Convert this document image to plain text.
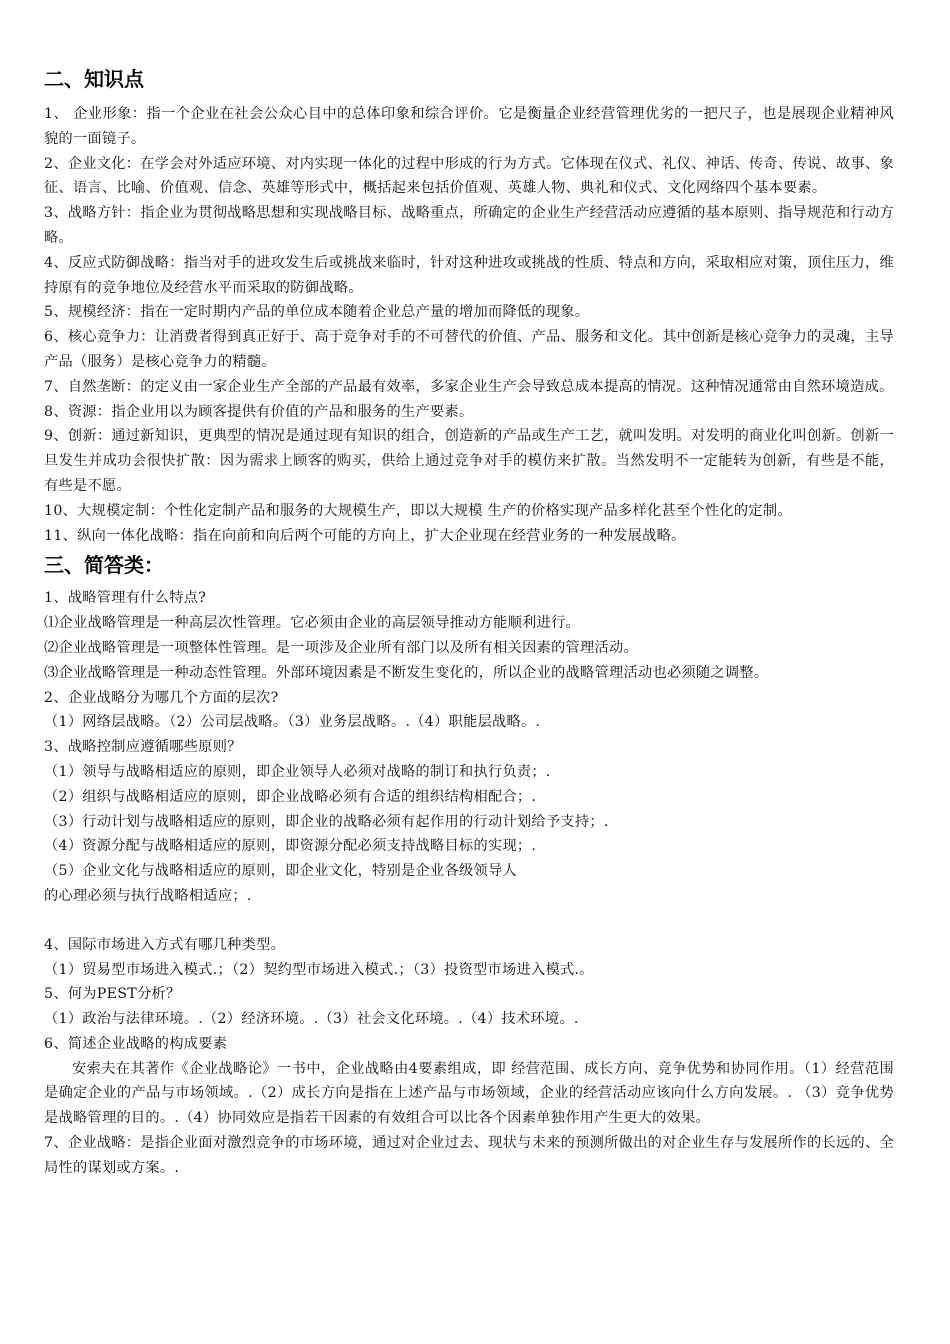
二、知识点

1、 企业形象：指一个企业在社会公众心目中的总体印象和综合评价。它是衡量企业经营管理优劣的一把尺子，也是展现企业精神风貌的一面镜子。

2、企业文化：在学会对外适应环境、对内实现一体化的过程中形成的行为方式。它体现在仪式、礼仪、神话、传奇、传说、故事、象征、语言、比喻、价值观、信念、英雄等形式中，概括起来包括价值观、英雄人物、典礼和仪式、文化网络四个基本要素。

3、战略方针：指企业为贯彻战略思想和实现战略目标、战略重点，所确定的企业生产经营活动应遵循的基本原则、指导规范和行动方略。

4、反应式防御战略：指当对手的进攻发生后或挑战来临时，针对这种进攻或挑战的性质、特点和方向，采取相应对策，顶住压力，维持原有的竞争地位及经营水平而采取的防御战略。

5、规模经济：指在一定时期内产品的单位成本随着企业总产量的增加而降低的现象。

6、核心竞争力：让消费者得到真正好于、高于竞争对手的不可替代的价值、产品、服务和文化。其中创新是核心竞争力的灵魂，主导产品（服务）是核心竞争力的精髓。

7、自然垄断：的定义由一家企业生产全部的产品最有效率，多家企业生产会导致总成本提高的情况。这种情况通常由自然环境造成。

8、资源：指企业用以为顾客提供有价值的产品和服务的生产要素。

9、创新：通过新知识，更典型的情况是通过现有知识的组合，创造新的产品或生产工艺，就叫发明。对发明的商业化叫创新。创新一旦发生并成功会很快扩散：因为需求上顾客的购买，供给上通过竞争对手的模仿来扩散。当然发明不一定能转为创新，有些是不能，有些是不愿。

10、大规模定制：个性化定制产品和服务的大规模生产，即以大规模 生产的价格实现产品多样化甚至个性化的定制。

11、纵向一体化战略：指在向前和向后两个可能的方向上，扩大企业现在经营业务的一种发展战略。

三、简答类：

1、战略管理有什么特点?

⑴企业战略管理是一种高层次性管理。它必须由企业的高层领导推动方能顺利进行。

⑵企业战略管理是一项整体性管理。是一项涉及企业所有部门以及所有相关因素的管理活动。

⑶企业战略管理是一种动态性管理。外部环境因素是不断发生变化的，所以企业的战略管理活动也必须随之调整。

2、企业战略分为哪几个方面的层次?

（1）网络层战略。（2）公司层战略。（3）业务层战略。.（4）职能层战略。.

3、战略控制应遵循哪些原则？

（1）领导与战略相适应的原则，即企业领导人必须对战略的制订和执行负责；.

（2）组织与战略相适应的原则，即企业战略必须有合适的组织结构相配合；.

（3）行动计划与战略相适应的原则，即企业的战略必须有起作用的行动计划给予支持；.

（4）资源分配与战略相适应的原则，即资源分配必须支持战略目标的实现；.

（5）企业文化与战略相适应的原则，即企业文化，特别是企业各级领导人

的心理必须与执行战略相适应；.

4、国际市场进入方式有哪几种类型。

（1）贸易型市场进入模式.；（2）契约型市场进入模式.；（3）投资型市场进入模式.。

5、何为PEST分析？

（1）政治与法律环境。.（2）经济环境。.（3）社会文化环境。.（4）技术环境。.

6、简述企业战略的构成要素

安索夫在其著作《企业战略论》一书中，企业战略由4要素组成，即 经营范围、成长方向、竞争优势和协同作用。（1）经营范围是确定企业的产品与市场领域。.（2）成长方向是指在上述产品与市场领域，企业的经营活动应该向什么方向发展。. （3）竞争优势是战略管理的目的。.（4）协同效应是指若干因素的有效组合可以比各个因素单独作用产生更大的效果。

7、企业战略：是指企业面对激烈竞争的市场环境，通过对企业过去、现状与未来的预测所做出的对企业生存与发展所作的长远的、全局性的谋划或方案。.
